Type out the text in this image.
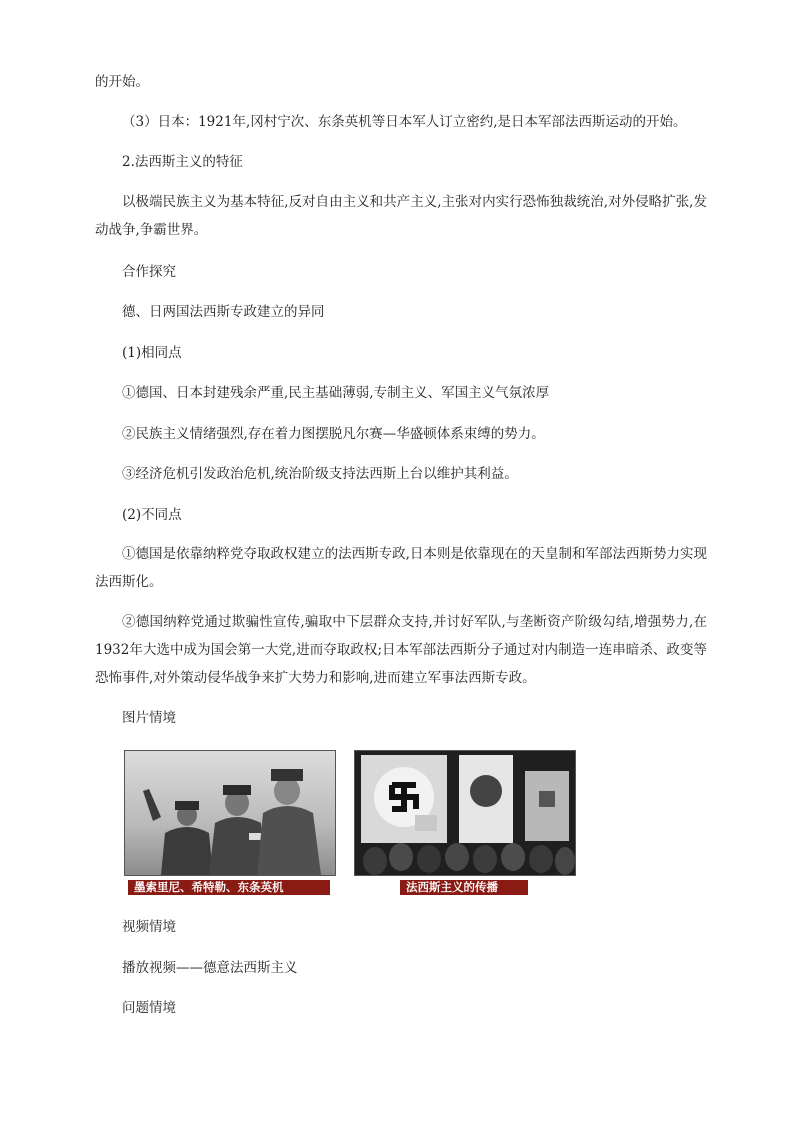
的开始。
（3）日本：1921年,冈村宁次、东条英机等日本军人订立密约,是日本军部法西斯运动的开始。
2.法西斯主义的特征
以极端民族主义为基本特征,反对自由主义和共产主义,主张对内实行恐怖独裁统治,对外侵略扩张,发动战争,争霸世界。
合作探究
德、日两国法西斯专政建立的异同
(1)相同点
①德国、日本封建残余严重,民主基础薄弱,专制主义、军国主义气氛浓厚
②民族主义情绪强烈,存在着力图摆脱凡尔赛—华盛顿体系束缚的势力。
③经济危机引发政治危机,统治阶级支持法西斯上台以维护其利益。
(2)不同点
①德国是依靠纳粹党夺取政权建立的法西斯专政,日本则是依靠现在的天皇制和军部法西斯势力实现法西斯化。
②德国纳粹党通过欺骗性宣传,骗取中下层群众支持,并讨好军队,与垄断资产阶级勾结,增强势力,在1932年大选中成为国会第一大党,进而夺取政权;日本军部法西斯分子通过对内制造一连串暗杀、政变等恐怖事件,对外策动侵华战争来扩大势力和影响,进而建立军事法西斯专政。
图片情境
墨索里尼、希特勒、东条英机	法西斯主义的传播
视频情境
播放视频——德意法西斯主义
问题情境
